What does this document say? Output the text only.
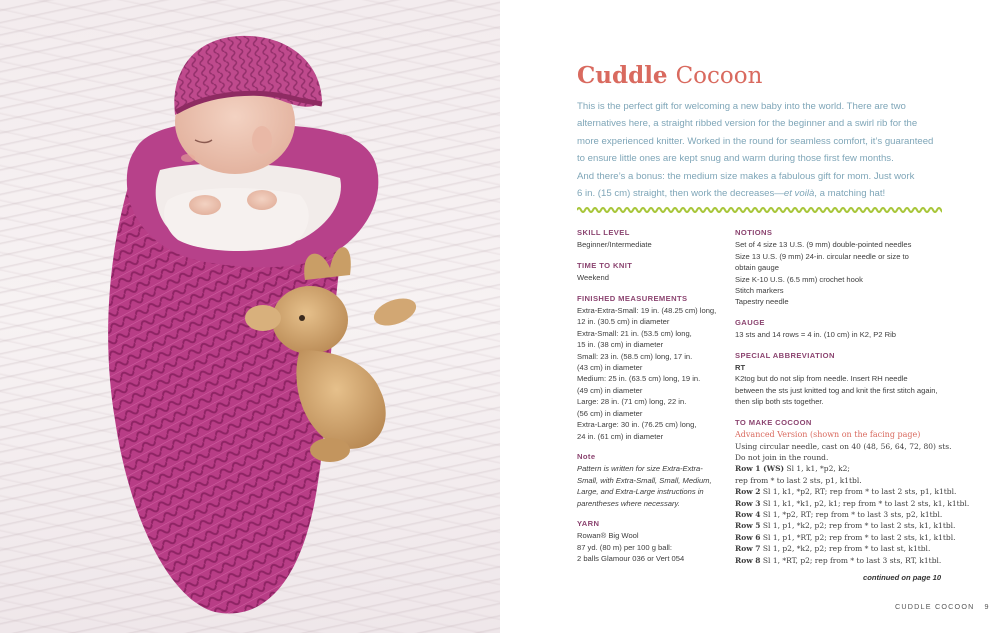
Cuddle Cocoon

This is the perfect gift for welcoming a new baby into the world. There are two
alternatives here, a straight ribbed version for the beginner and a swirl rib for the
more experienced knitter. Worked in the round for seamless comfort, it’s guaranteed
to ensure little ones are kept snug and warm during those first few months.
And there’s a bonus: the medium size makes a fabulous gift for mom. Just work
6 in. (15 cm) straight, then work the decreases—et voilà, a matching hat!

SKILL LEVEL
Beginner/Intermediate
TIME TO KNIT
Weekend
FINISHED MEASUREMENTS
Extra-Extra-Small: 19 in. (48.25 cm) long,
12 in. (30.5 cm) in diameter
Extra-Small: 21 in. (53.5 cm) long,
15 in. (38 cm) in diameter
Small: 23 in. (58.5 cm) long, 17 in.
(43 cm) in diameter
Medium: 25 in. (63.5 cm) long, 19 in.
(49 cm) in diameter
Large: 28 in. (71 cm) long, 22 in.
(56 cm) in diameter
Extra-Large: 30 in. (76.25 cm) long,
24 in. (61 cm) in diameter
Note
Pattern is written for size Extra-Extra-
Small, with Extra-Small, Small, Medium,
Large, and Extra-Large instructions in
parentheses where necessary.
YARN
Rowan® Big Wool
87 yd. (80 m) per 100 g ball:
2 balls Glamour 036 or Vert 054
NOTIONS
Set of 4 size 13 U.S. (9 mm) double-pointed needles
Size 13 U.S. (9 mm) 24-in. circular needle or size to
obtain gauge
Size K-10 U.S. (6.5 mm) crochet hook
Stitch markers
Tapestry needle
GAUGE
13 sts and 14 rows = 4 in. (10 cm) in K2, P2 Rib
SPECIAL ABBREVIATION
RT
K2tog but do not slip from needle. Insert RH needle
between the sts just knitted tog and knit the first stitch again,
then slip both sts together.
TO MAKE COCOON
Advanced Version (shown on the facing page)
Using circular needle, cast on 40 (48, 56, 64, 72, 80) sts.
Do not join in the round.
Row 1 (WS) Sl 1, k1, *p2, k2;
rep from * to last 2 sts, p1, k1tbl.
Row 2 Sl 1, k1, *p2, RT; rep from * to last 2 sts, p1, k1tbl.
Row 3 Sl 1, k1, *k1, p2, k1; rep from * to last 2 sts, k1, k1tbl.
Row 4 Sl 1, *p2, RT; rep from * to last 3 sts, p2, k1tbl.
Row 5 Sl 1, p1, *k2, p2; rep from * to last 2 sts, k1, k1tbl.
Row 6 Sl 1, p1, *RT, p2; rep from * to last 2 sts, k1, k1tbl.
Row 7 Sl 1, p2, *k2, p2; rep from * to last st, k1tbl.
Row 8 Sl 1, *RT, p2; rep from * to last 3 sts, RT, k1tbl.
continued on page 10
CUDDLE COCOON 9
